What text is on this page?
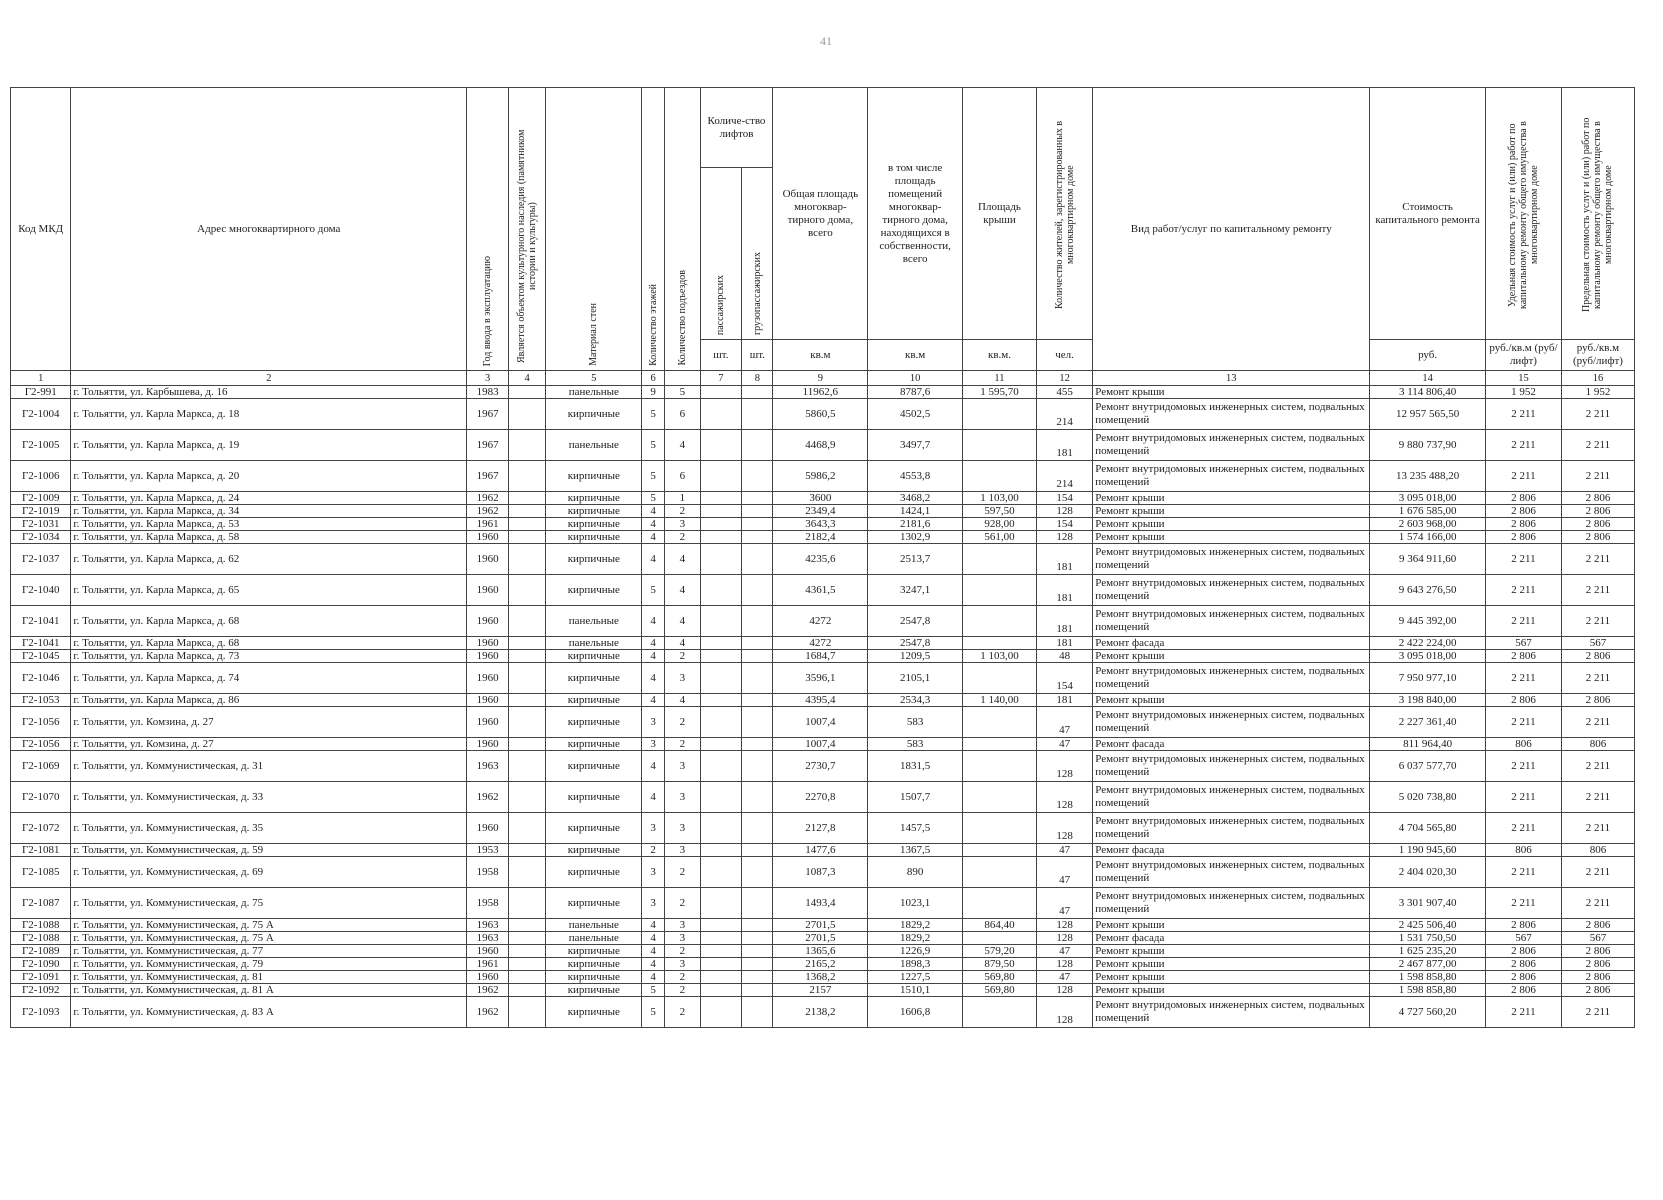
41
Код МКД	Адрес многоквартирного дома	Год ввода в эксплуатацию	Является объектом культурного наследия (памятником истории и культуры)	Материал стен	Количество этажей	Количество подъездов	Количе-ство лифтов		Общая площадь многоквар-тирного дома, всего	в том числе площадь помещений многоквар-тирного дома, находящихся в собственности, всего	Площадь крыши	Количество жителей, зарегистрированных в многоквартирном доме	Вид работ/услуг по капитальному ремонту	Стоимость капитального ремонта	Удельная стоимость услуг и (или) работ по капитальному ремонту общего имущества в многоквартирном доме	Предельная стоимость услуг и (или) работ по капитальному ремонту общего имущества в многоквартирном доме
							пассажирских	грузопассажирских								
							шт.	шт.	кв.м	кв.м	кв.м.	чел.		руб.	руб./кв.м (руб/лифт)	руб./кв.м (руб/лифт)
1	2	3	4	5	6		7	8	9	10	11	12	13	14	15	16
Г2-991	г. Тольятти, ул. Карбышева, д. 16	1983		панельные	9	5			11962,6	8787,6	1 595,70	455	Ремонт крыши	3 114 806,40	1 952	1 952
Г2-1004	г. Тольятти, ул. Карла Маркса, д. 18	1967		кирпичные	5	6			5860,5	4502,5		214	Ремонт внутридомовых инженерных систем, подвальных помещений	12 957 565,50	2 211	2 211
Г2-1005	г. Тольятти, ул. Карла Маркса, д. 19	1967		панельные	5	4			4468,9	3497,7		181	Ремонт внутридомовых инженерных систем, подвальных помещений	9 880 737,90	2 211	2 211
Г2-1006	г. Тольятти, ул. Карла Маркса, д. 20	1967		кирпичные	5	6			5986,2	4553,8		214	Ремонт внутридомовых инженерных систем, подвальных помещений	13 235 488,20	2 211	2 211
Г2-1009	г. Тольятти, ул. Карла Маркса, д. 24	1962		кирпичные	5	1			3600	3468,2	1 103,00	154	Ремонт крыши	3 095 018,00	2 806	2 806
Г2-1019	г. Тольятти, ул. Карла Маркса, д. 34	1962		кирпичные	4	2			2349,4	1424,1	597,50	128	Ремонт крыши	1 676 585,00	2 806	2 806
Г2-1031	г. Тольятти, ул. Карла Маркса, д. 53	1961		кирпичные	4	3			3643,3	2181,6	928,00	154	Ремонт крыши	2 603 968,00	2 806	2 806
Г2-1034	г. Тольятти, ул. Карла Маркса, д. 58	1960		кирпичные	4	2			2182,4	1302,9	561,00	128	Ремонт крыши	1 574 166,00	2 806	2 806
Г2-1037	г. Тольятти, ул. Карла Маркса, д. 62	1960		кирпичные	4	4			4235,6	2513,7		181	Ремонт внутридомовых инженерных систем, подвальных помещений	9 364 911,60	2 211	2 211
Г2-1040	г. Тольятти, ул. Карла Маркса, д. 65	1960		кирпичные	5	4			4361,5	3247,1		181	Ремонт внутридомовых инженерных систем, подвальных помещений	9 643 276,50	2 211	2 211
Г2-1041	г. Тольятти, ул. Карла Маркса, д. 68	1960		панельные	4	4			4272	2547,8		181	Ремонт внутридомовых инженерных систем, подвальных помещений	9 445 392,00	2 211	2 211
Г2-1041	г. Тольятти, ул. Карла Маркса, д. 68	1960		панельные	4	4			4272	2547,8		181	Ремонт фасада	2 422 224,00	567	567
Г2-1045	г. Тольятти, ул. Карла Маркса, д. 73	1960		кирпичные	4	2			1684,7	1209,5	1 103,00	48	Ремонт крыши	3 095 018,00	2 806	2 806
Г2-1046	г. Тольятти, ул. Карла Маркса, д. 74	1960		кирпичные	4	3			3596,1	2105,1		154	Ремонт внутридомовых инженерных систем, подвальных помещений	7 950 977,10	2 211	2 211
Г2-1053	г. Тольятти, ул. Карла Маркса, д. 86	1960		кирпичные	4	4			4395,4	2534,3	1 140,00	181	Ремонт крыши	3 198 840,00	2 806	2 806
Г2-1056	г. Тольятти, ул. Комзина, д. 27	1960		кирпичные	3	2			1007,4	583		47	Ремонт внутридомовых инженерных систем, подвальных помещений	2 227 361,40	2 211	2 211
Г2-1056	г. Тольятти, ул. Комзина, д. 27	1960		кирпичные	3	2			1007,4	583		47	Ремонт фасада	811 964,40	806	806
Г2-1069	г. Тольятти, ул. Коммунистическая, д. 31	1963		кирпичные	4	3			2730,7	1831,5		128	Ремонт внутридомовых инженерных систем, подвальных помещений	6 037 577,70	2 211	2 211
Г2-1070	г. Тольятти, ул. Коммунистическая, д. 33	1962		кирпичные	4	3			2270,8	1507,7		128	Ремонт внутридомовых инженерных систем, подвальных помещений	5 020 738,80	2 211	2 211
Г2-1072	г. Тольятти, ул. Коммунистическая, д. 35	1960		кирпичные	3	3			2127,8	1457,5		128	Ремонт внутридомовых инженерных систем, подвальных помещений	4 704 565,80	2 211	2 211
Г2-1081	г. Тольятти, ул. Коммунистическая, д. 59	1953		кирпичные	2	3			1477,6	1367,5		47	Ремонт фасада	1 190 945,60	806	806
Г2-1085	г. Тольятти, ул. Коммунистическая, д. 69	1958		кирпичные	3	2			1087,3	890		47	Ремонт внутридомовых инженерных систем, подвальных помещений	2 404 020,30	2 211	2 211
Г2-1087	г. Тольятти, ул. Коммунистическая, д. 75	1958		кирпичные	3	2			1493,4	1023,1		47	Ремонт внутридомовых инженерных систем, подвальных помещений	3 301 907,40	2 211	2 211
Г2-1088	г. Тольятти, ул. Коммунистическая, д. 75 А	1963		панельные	4	3			2701,5	1829,2	864,40	128	Ремонт крыши	2 425 506,40	2 806	2 806
Г2-1088	г. Тольятти, ул. Коммунистическая, д. 75 А	1963		панельные	4	3			2701,5	1829,2		128	Ремонт фасада	1 531 750,50	567	567
Г2-1089	г. Тольятти, ул. Коммунистическая, д. 77	1960		кирпичные	4	2			1365,6	1226,9	579,20	47	Ремонт крыши	1 625 235,20	2 806	2 806
Г2-1090	г. Тольятти, ул. Коммунистическая, д. 79	1961		кирпичные	4	3			2165,2	1898,3	879,50	128	Ремонт крыши	2 467 877,00	2 806	2 806
Г2-1091	г. Тольятти, ул. Коммунистическая, д. 81	1960		кирпичные	4	2			1368,2	1227,5	569,80	47	Ремонт крыши	1 598 858,80	2 806	2 806
Г2-1092	г. Тольятти, ул. Коммунистическая, д. 81 А	1962		кирпичные	5	2			2157	1510,1	569,80	128	Ремонт крыши	1 598 858,80	2 806	2 806
Г2-1093	г. Тольятти, ул. Коммунистическая, д. 83 А	1962		кирпичные	5	2			2138,2	1606,8		128	Ремонт внутридомовых инженерных систем, подвальных помещений	4 727 560,20	2 211	2 211
